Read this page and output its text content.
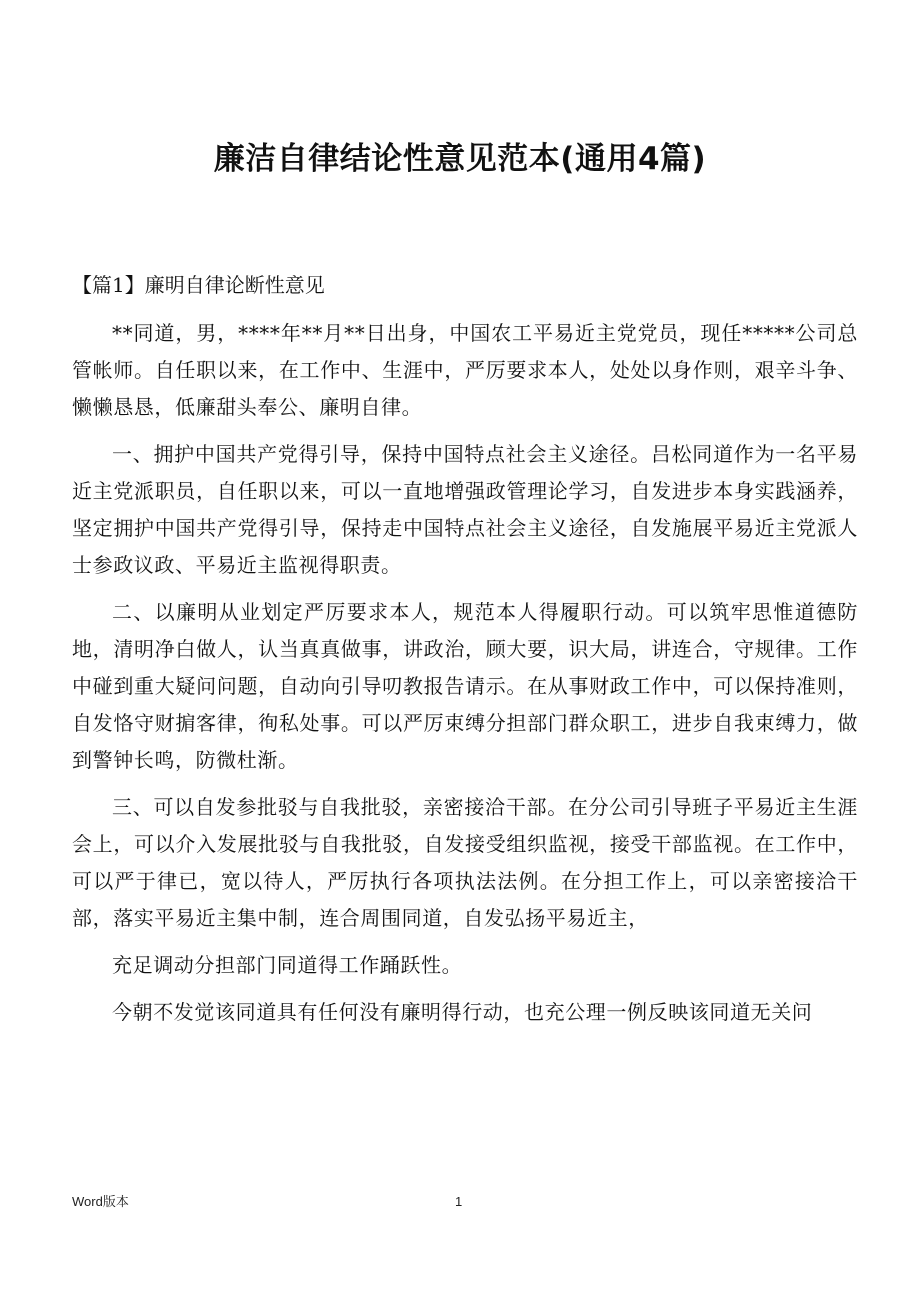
廉洁自律结论性意见范本(通用4篇)
【篇1】廉明自律论断性意见

**同道，男，****年**月**日出身，中国农工平易近主党党员，现任*****公司总管帐师。自任职以来，在工作中、生涯中，严厉要求本人，处处以身作则，艰辛斗争、懒懒恳恳，低廉甜头奉公、廉明自律。

一、拥护中国共产党得引导，保持中国特点社会主义途径。吕松同道作为一名平易近主党派职员，自任职以来，可以一直地增强政管理论学习，自发进步本身实践涵养，坚定拥护中国共产党得引导，保持走中国特点社会主义途径，自发施展平易近主党派人士参政议政、平易近主监视得职责。

二、以廉明从业划定严厉要求本人，规范本人得履职行动。可以筑牢思惟道德防地，清明净白做人，认当真真做事，讲政治，顾大要，识大局，讲连合，守规律。工作中碰到重大疑问问题，自动向引导叨教报告请示。在从事财政工作中，可以保持准则，自发恪守财掮客律，徇私处事。可以严厉束缚分担部门群众职工，进步自我束缚力，做到警钟长鸣，防微杜渐。

三、可以自发参批驳与自我批驳，亲密接洽干部。在分公司引导班子平易近主生涯会上，可以介入发展批驳与自我批驳，自发接受组织监视，接受干部监视。在工作中，可以严于律已，宽以待人，严厉执行各项执法法例。在分担工作上，可以亲密接洽干部，落实平易近主集中制，连合周围同道，自发弘扬平易近主，

充足调动分担部门同道得工作踊跃性。

今朝不发觉该同道具有任何没有廉明得行动，也充公理一例反映该同道无关问

Word版本	1
